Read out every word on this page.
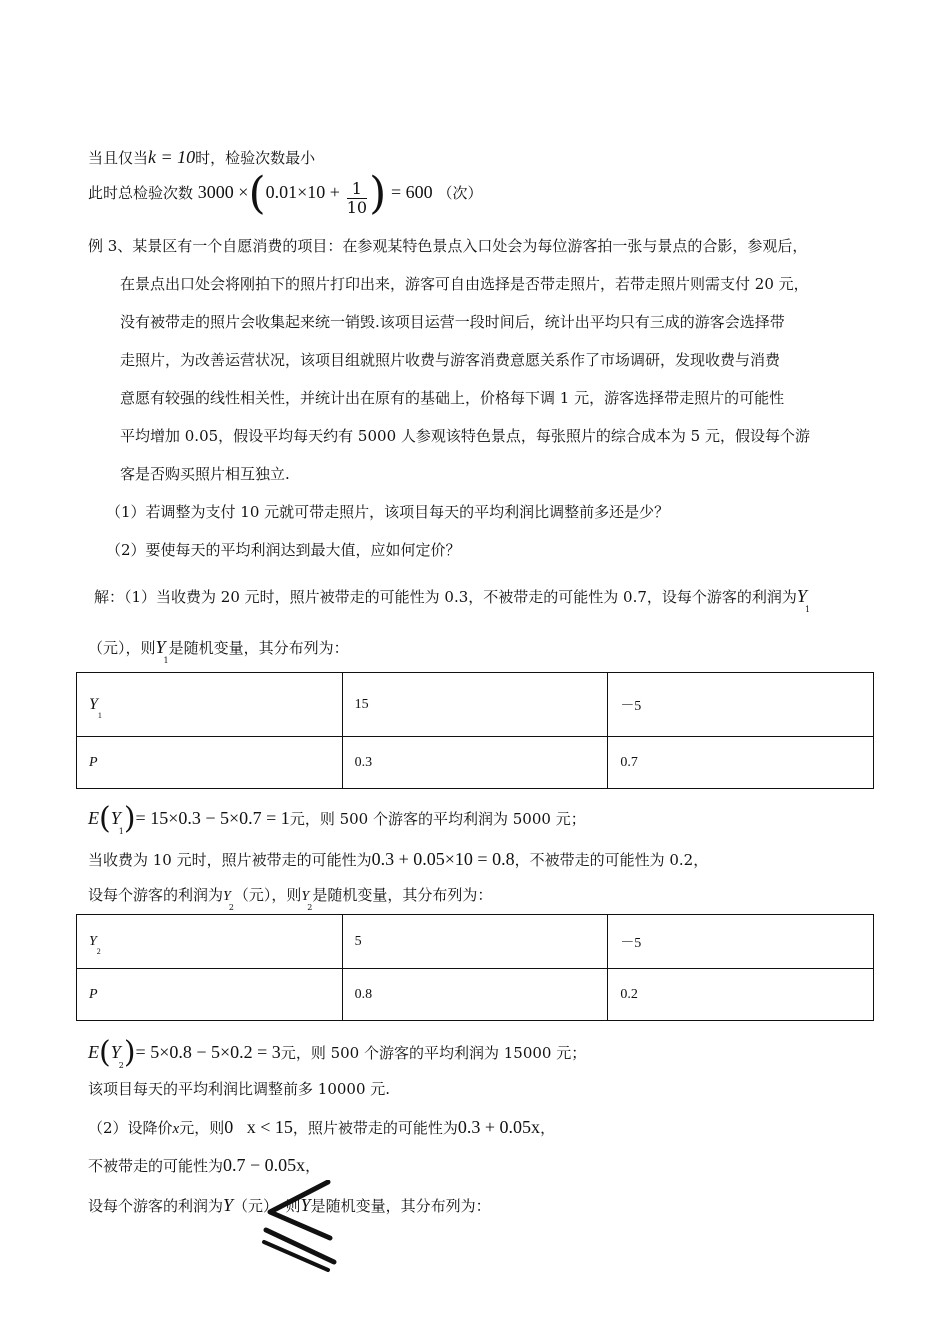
当且仅当k = 10时，检验次数最小
此时总检验次数 $3000 \times(0.01\times 10 + \frac{1}{10}$ ) = 600 （次）
例 3、某景区有一个自愿消费的项目：在参观某特色景点入口处会为每位游客拍一张与景点的合影，参观后，
在景点出口处会将刚拍下的照片打印出来，游客可自由选择是否带走照片，若带走照片则需支付 20 元，
没有被带走的照片会收集起来统一销毁.该项目运营一段时间后，统计出平均只有三成的游客会选择带
走照片，为改善运营状况，该项目组就照片收费与游客消费意愿关系作了市场调研，发现收费与消费
意愿有较强的线性相关性，并统计出在原有的基础上，价格每下调 1 元，游客选择带走照片的可能性
平均增加 0.05，假设平均每天约有 5000 人参观该特色景点，每张照片的综合成本为 5 元，假设每个游
客是否购买照片相互独立.
（1）若调整为支付 10 元就可带走照片，该项目每天的平均利润比调整前多还是少？
（2）要使每天的平均利润达到最大值，应如何定价？
解：（1）当收费为 20 元时，照片被带走的可能性为 0.3，不被带走的可能性为 0.7，设每个游客的利润为$Y_1$
（元），则$Y_1$是随机变量，其分布列为：
$Y_1$	15	－5
P	0.3	0.7
$E(Y_1)= 15\times 0.3 - 5\times 0.7 = 1$元，则 500 个游客的平均利润为 5000 元；
当收费为 10 元时，照片被带走的可能性为0.3 + 0.05×10 = 0.8，不被带走的可能性为 0.2，
设每个游客的利润为$Y_2$（元），则$Y_2$是随机变量，其分布列为：
$Y_2$	5	－5
P	0.8	0.2
$E(Y_2)= 5\times 0.8 - 5\times 0.2 = 3$元，则 500 个游客的平均利润为 15000 元；
该项目每天的平均利润比调整前多 10000 元.
（2）设降价x元，则0   x < 15，照片被带走的可能性为0.3 + 0.05x，
不被带走的可能性为0.7 − 0.05x，
设每个游客的利润为Y（元），则Y是随机变量，其分布列为：
